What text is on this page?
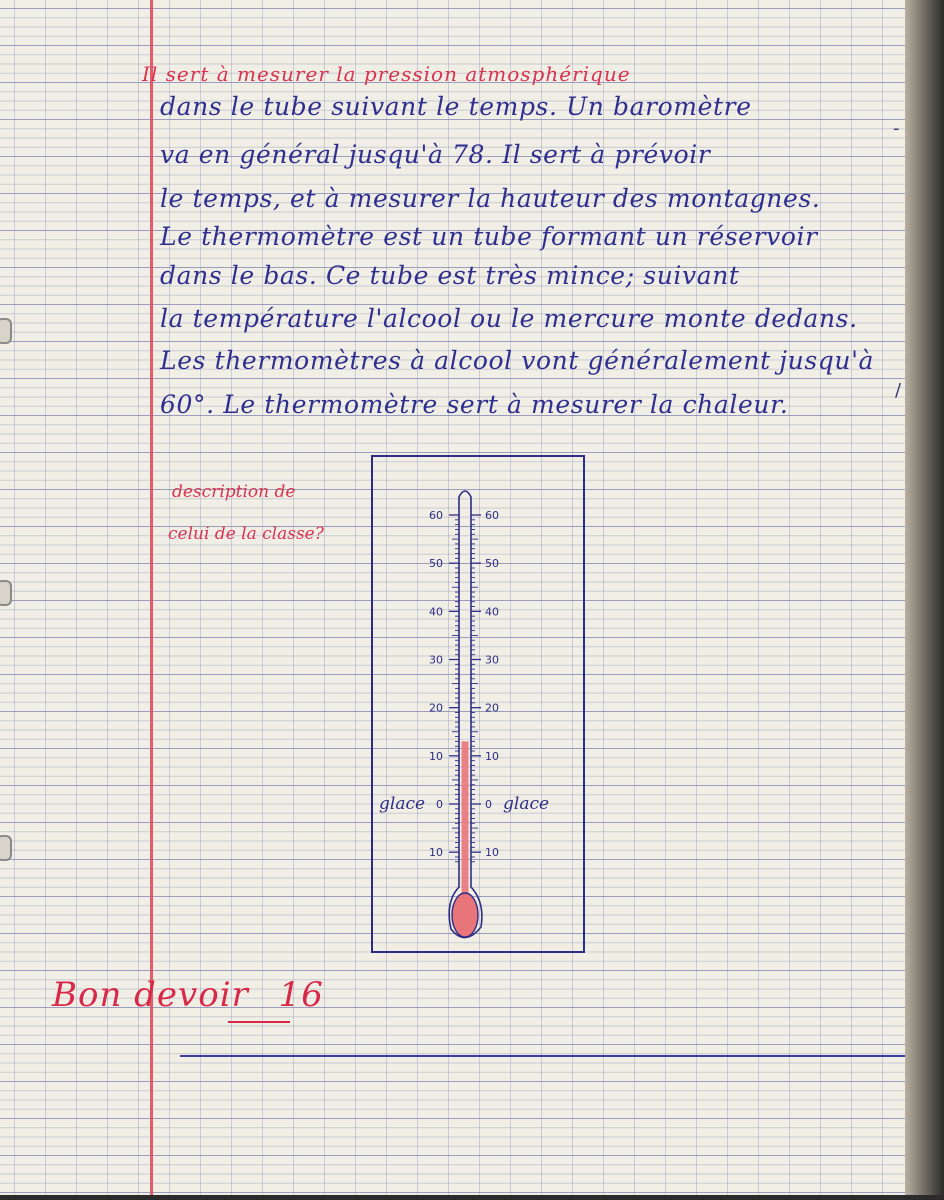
Il sert à mesurer la pression atmosphérique
dans le tube suivant le temps. Un baromètre
va en général jusqu'à 78. Il sert à prévoir
le temps, et à mesurer la hauteur des montagnes.
Le thermomètre est un tube formant un réservoir
dans le bas. Ce tube est très mince; suivant
la température l'alcool ou le mercure monte dedans.
Les thermomètres à alcool vont généralement jusqu'à
60°. Le thermomètre sert à mesurer la chaleur.
description de
celui de la classe?
60
50
40
30
20
10
0
10
60
50
40
30
20
10
0
10
glace	glace
Bon devoir 16
-
/
